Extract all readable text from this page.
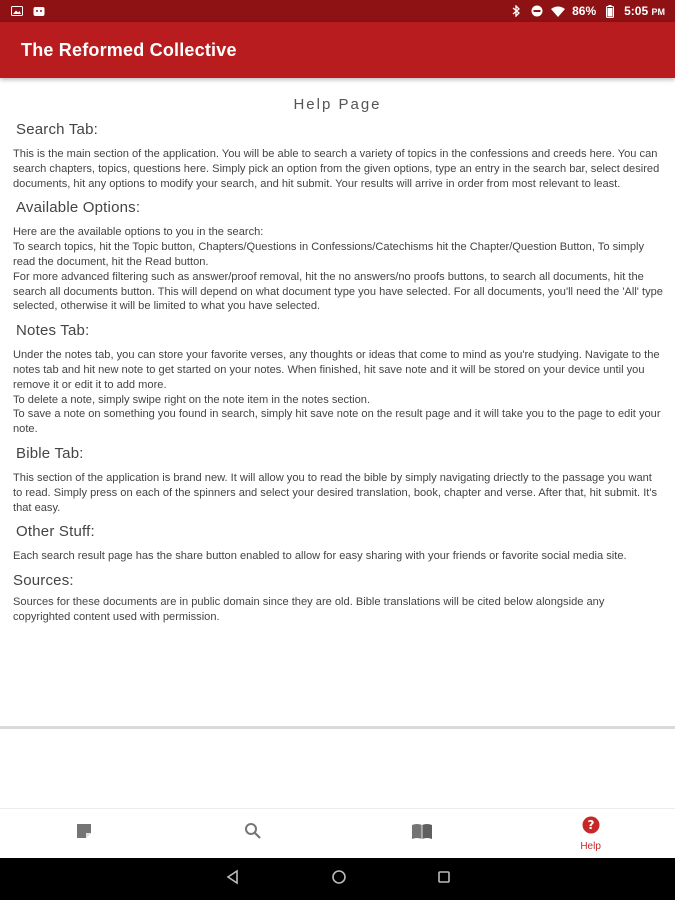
86% 5:05 PM
The Reformed Collective
Help Page
Search Tab:
This is the main section of the application. You will be able to search a variety of topics in the confessions and creeds here. You can search chapters, topics, questions here. Simply pick an option from the given options, type an entry in the search bar, select desired documents, hit any options to modify your search, and hit submit. Your results will arrive in order from most relevant to least.
Available Options:
Here are the available options to you in the search:
To search topics, hit the Topic button, Chapters/Questions in Confessions/Catechisms hit the Chapter/Question Button, To simply read the document, hit the Read button.
For more advanced filtering such as answer/proof removal, hit the no answers/no proofs buttons, to search all documents, hit the search all documents button. This will depend on what document type you have selected. For all documents, you'll need the 'All' type selected, otherwise it will be limited to what you have selected.
Notes Tab:
Under the notes tab, you can store your favorite verses, any thoughts or ideas that come to mind as you're studying. Navigate to the notes tab and hit new note to get started on your notes. When finished, hit save note and it will be stored on your device until you remove it or edit it to add more.
To delete a note, simply swipe right on the note item in the notes section.
To save a note on something you found in search, simply hit save note on the result page and it will take you to the page to edit your note.
Bible Tab:
This section of the application is brand new. It will allow you to read the bible by simply navigating driectly to the passage you want to read. Simply press on each of the spinners and select your desired translation, book, chapter and verse. After that, hit submit. It's that easy.
Other Stuff:
Each search result page has the share button enabled to allow for easy sharing with your friends or favorite social media site.
Sources:
Sources for these documents are in public domain since they are old. Bible translations will be cited below alongside any copyrighted content used with permission.
?
Help
